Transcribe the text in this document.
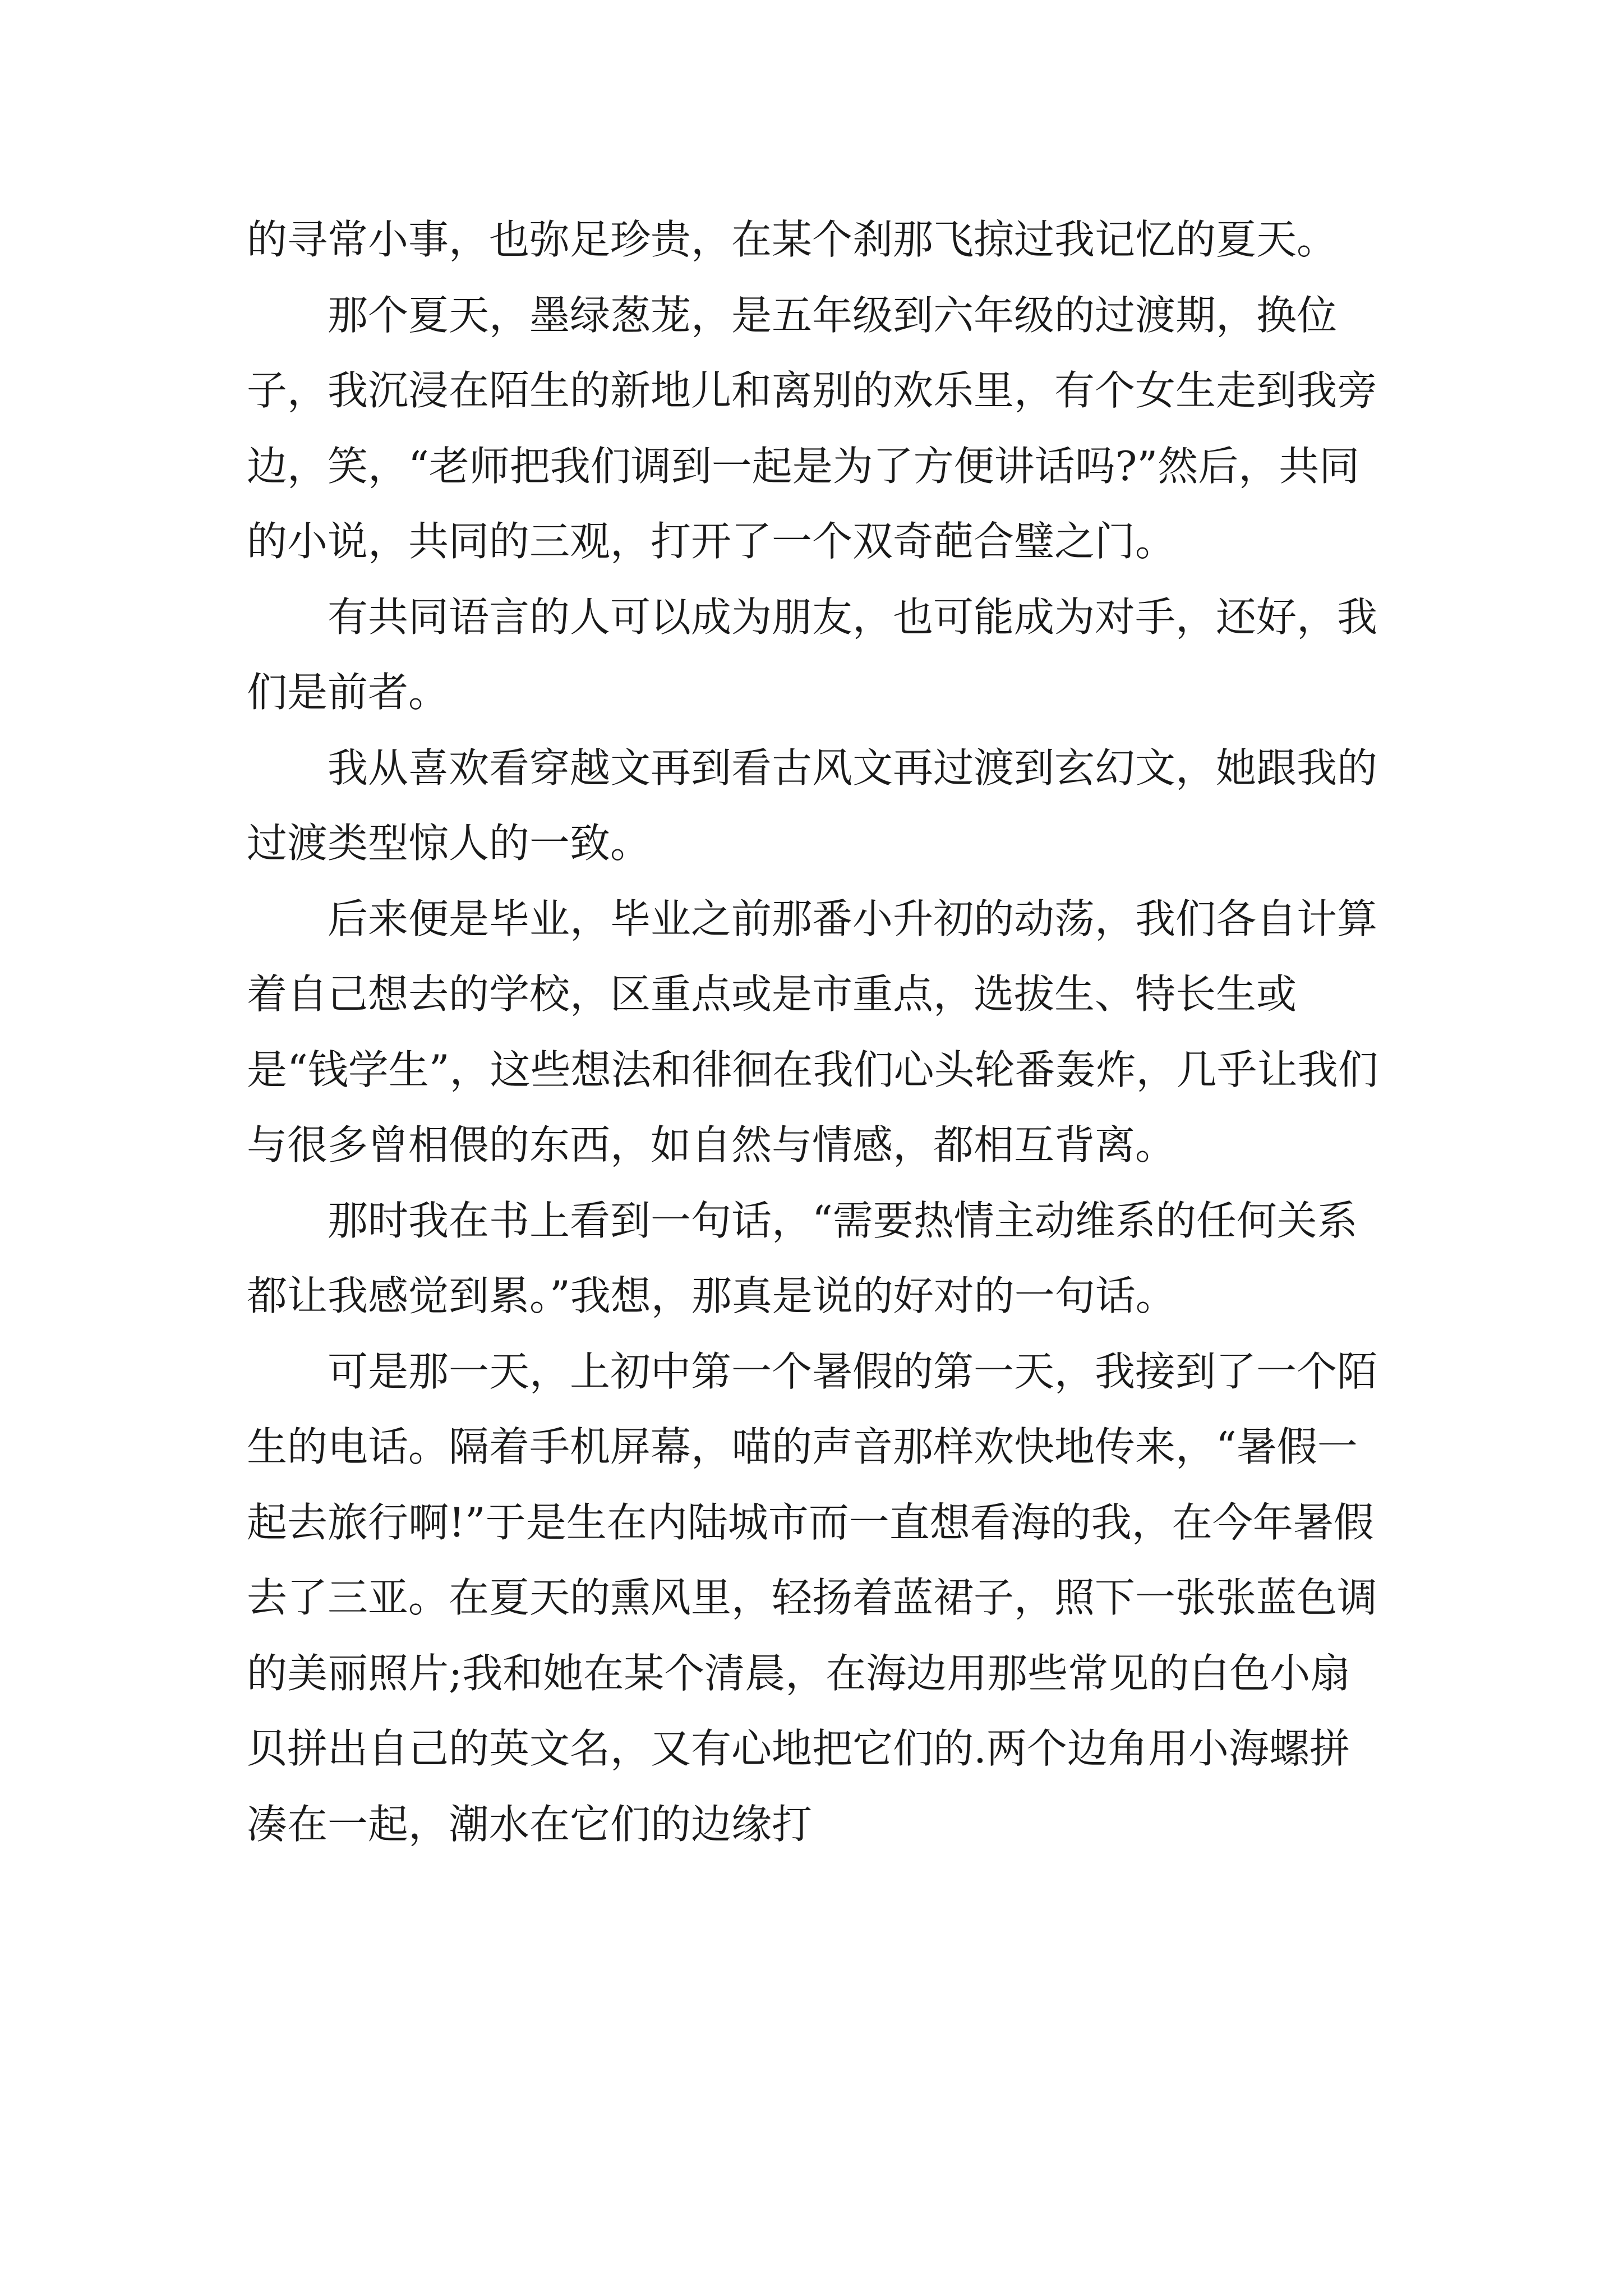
的寻常小事，也弥足珍贵，在某个刹那飞掠过我记忆的夏天。

那个夏天，墨绿葱茏，是五年级到六年级的过渡期，换位子，我沉浸在陌生的新地儿和离别的欢乐里，有个女生走到我旁边，笑，“老师把我们调到一起是为了方便讲话吗?”然后，共同的小说，共同的三观，打开了一个双奇葩合璧之门。

有共同语言的人可以成为朋友，也可能成为对手，还好，我们是前者。

我从喜欢看穿越文再到看古风文再过渡到玄幻文，她跟我的过渡类型惊人的一致。

后来便是毕业，毕业之前那番小升初的动荡，我们各自计算着自己想去的学校，区重点或是市重点，选拔生、特长生或是“钱学生”，这些想法和徘徊在我们心头轮番轰炸，几乎让我们与很多曾相偎的东西，如自然与情感，都相互背离。

那时我在书上看到一句话，“需要热情主动维系的任何关系都让我感觉到累。”我想，那真是说的好对的一句话。

可是那一天，上初中第一个暑假的第一天，我接到了一个陌生的电话。隔着手机屏幕，喵的声音那样欢快地传来，“暑假一起去旅行啊!”于是生在内陆城市而一直想看海的我，在今年暑假去了三亚。在夏天的熏风里，轻扬着蓝裙子，照下一张张蓝色调的美丽照片;我和她在某个清晨，在海边用那些常见的白色小扇贝拼出自己的英文名，又有心地把它们的.两个边角用小海螺拼凑在一起，潮水在它们的边缘打
